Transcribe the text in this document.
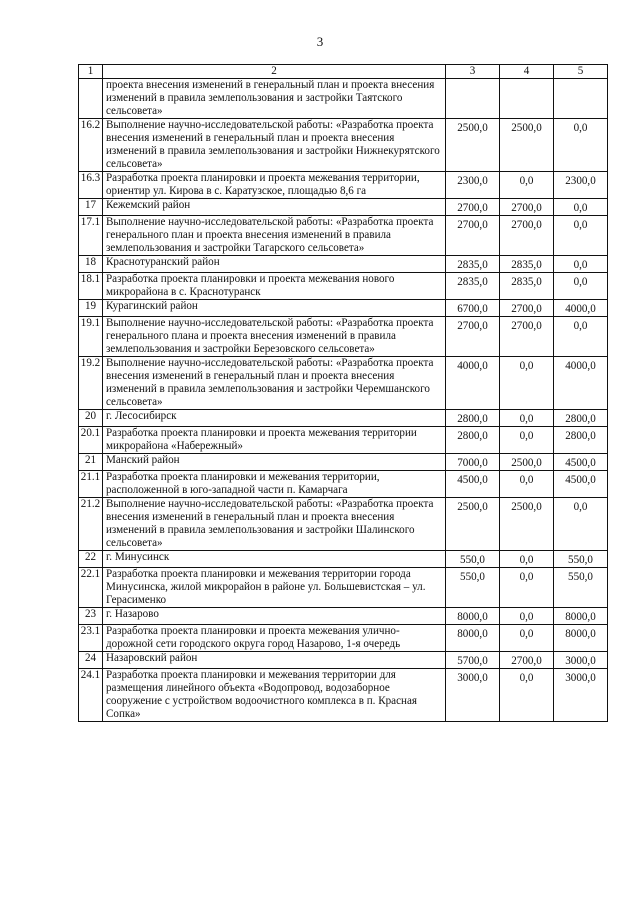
3
1	2	3	4	5
	проекта внесения изменений в генеральный план и проекта внесения изменений в правила землепользования и застройки Таятского сельсовета»			
16.2	Выполнение научно-исследовательской работы: «Разработка проекта внесения изменений в генеральный план и проекта внесения изменений в правила землепользования и застройки Нижнекурятского сельсовета»	2500,0	2500,0	0,0
16.3	Разработка проекта планировки и проекта межевания территории, ориентир ул. Кирова в с. Каратузское, площадью 8,6 га	2300,0	0,0	2300,0
17	Кежемский район	2700,0	2700,0	0,0
17.1	Выполнение научно-исследовательской работы: «Разработка проекта генерального план и проекта внесения изменений в правила землепользования и застройки Тагарского сельсовета»	2700,0	2700,0	0,0
18	Краснотуранский район	2835,0	2835,0	0,0
18.1	Разработка проекта планировки и проекта межевания нового микрорайона в с. Краснотуранск	2835,0	2835,0	0,0
19	Курагинский район	6700,0	2700,0	4000,0
19.1	Выполнение научно-исследовательской работы: «Разработка проекта генерального плана и проекта внесения изменений в правила землепользования и застройки Березовского сельсовета»	2700,0	2700,0	0,0
19.2	Выполнение научно-исследовательской работы: «Разработка проекта внесения изменений в генеральный план и проекта внесения изменений в правила землепользования и застройки Черемшанского сельсовета»	4000,0	0,0	4000,0
20	г. Лесосибирск	2800,0	0,0	2800,0
20.1	Разработка проекта планировки и проекта межевания территории микрорайона «Набережный»	2800,0	0,0	2800,0
21	Манский район	7000,0	2500,0	4500,0
21.1	Разработка проекта планировки и межевания территории, расположенной в юго-западной части п. Камарчага	4500,0	0,0	4500,0
21.2	Выполнение научно-исследовательской работы: «Разработка проекта внесения изменений в генеральный план и проекта внесения изменений в правила землепользования и застройки Шалинского сельсовета»	2500,0	2500,0	0,0
22	г. Минусинск	550,0	0,0	550,0
22.1	Разработка проекта планировки и межевания территории города Минусинска, жилой микрорайон в районе ул. Большевистская – ул. Герасименко	550,0	0,0	550,0
23	г. Назарово	8000,0	0,0	8000,0
23.1	Разработка проекта планировки и проекта межевания улично-дорожной сети городского округа город Назарово, 1-я очередь	8000,0	0,0	8000,0
24	Назаровский район	5700,0	2700,0	3000,0
24.1	Разработка проекта планировки и межевания территории для размещения линейного объекта «Водопровод, водозаборное сооружение с устройством водоочистного комплекса в п. Красная Сопка»	3000,0	0,0	3000,0
